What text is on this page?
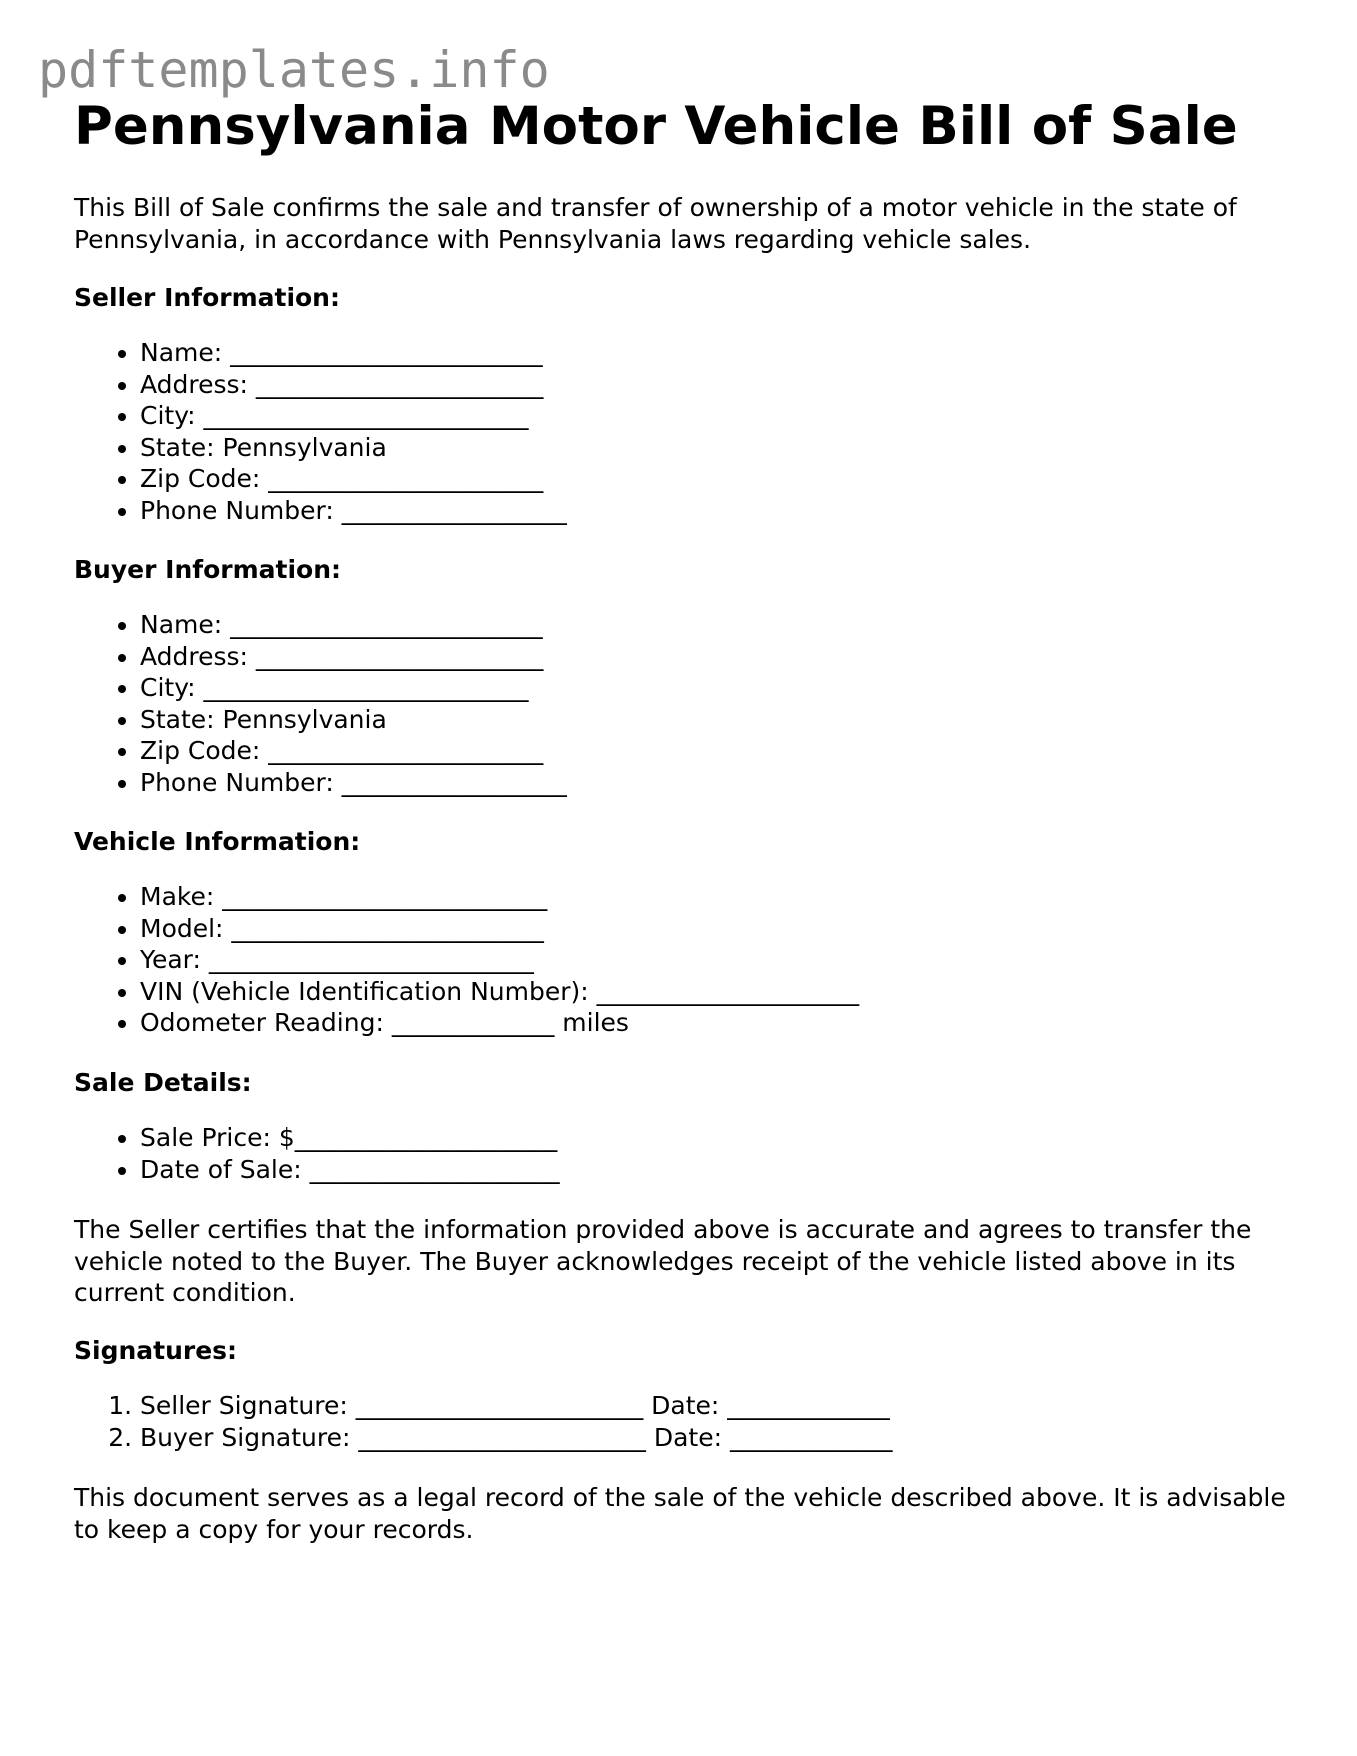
pdftemplates.info
Pennsylvania Motor Vehicle Bill of Sale

This Bill of Sale confirms the sale and transfer of ownership of a motor vehicle in the state of Pennsylvania, in accordance with Pennsylvania laws regarding vehicle sales.

Seller Information:

• Name: _________________________
• Address: _______________________
• City: __________________________
• State: Pennsylvania
• Zip Code: ______________________
• Phone Number: __________________

Buyer Information:

• Name: _________________________
• Address: _______________________
• City: __________________________
• State: Pennsylvania
• Zip Code: ______________________
• Phone Number: __________________

Vehicle Information:

• Make: __________________________
• Model: _________________________
• Year: __________________________
• VIN (Vehicle Identification Number): _____________________
• Odometer Reading: _____________ miles

Sale Details:

• Sale Price: $_____________________
• Date of Sale: ____________________

The Seller certifies that the information provided above is accurate and agrees to transfer the vehicle noted to the Buyer. The Buyer acknowledges receipt of the vehicle listed above in its current condition.

Signatures:

1. Seller Signature: _______________________ Date: _____________
2. Buyer Signature: _______________________ Date: _____________

This document serves as a legal record of the sale of the vehicle described above. It is advisable to keep a copy for your records.
